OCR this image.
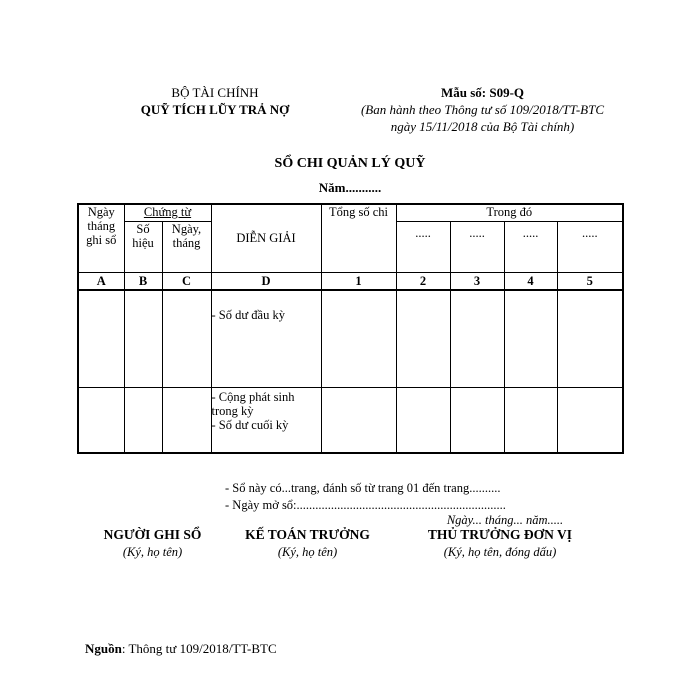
BỘ TÀI CHÍNH
QUỸ TÍCH LŨY TRẢ NỢ
Mẫu số: S09-Q
(Ban hành theo Thông tư số 109/2018/TT-BTC
ngày 15/11/2018 của Bộ Tài chính)
SỔ CHI QUẢN LÝ QUỸ
Năm...........
Ngày tháng ghi sổ	Chứng từ		DIỄN GIẢI	Tổng số chi	Trong đó			
	Số hiệu	Ngày, tháng			.....	.....	.....	.....
A	B	C	D	1	2	3	4	5
			- Số dư đầu kỳ					

			- Cộng phát sinh trong kỳ
- Số dư cuối kỳ					

- Sổ này có...trang, đánh số từ trang 01 đến trang..........
- Ngày mở sổ:...................................................................
Ngày... tháng... năm.....
NGƯỜI GHI SỔ
(Ký, họ tên)
KẾ TOÁN TRƯỞNG
(Ký, họ tên)
THỦ TRƯỞNG ĐƠN VỊ
(Ký, họ tên, đóng dấu)
Nguồn: Thông tư 109/2018/TT-BTC
